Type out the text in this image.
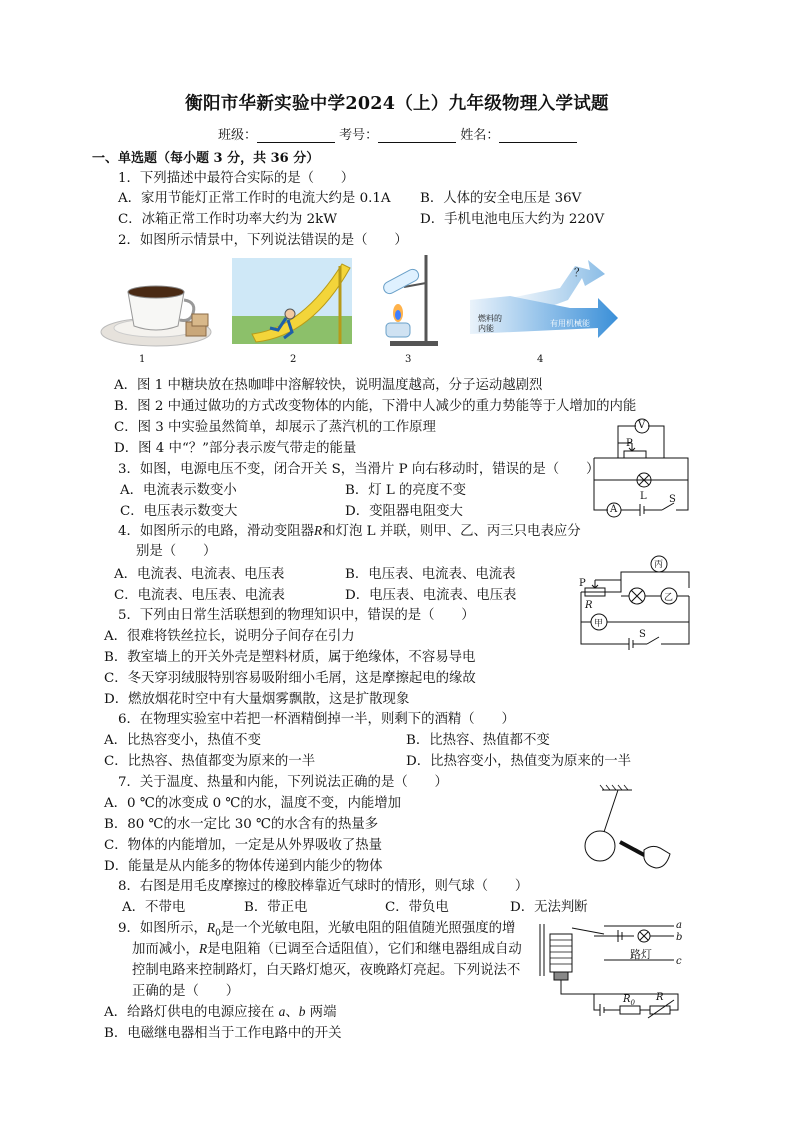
衡阳市华新实验中学2024（上）九年级物理入学试题
班级：	考号：	姓名：
一、单选题（每小题 3 分，共 36 分）
1．下列描述中最符合实际的是（　　）
A．家用节能灯正常工作时的电流大约是 0.1A B．人体的安全电压是 36V
C．冰箱正常工作时功率大约为 2kW	D．手机电池电压大约为 220V
2．如图所示情景中，下列说法错误的是（　　）
？
燃料的
内能
有用机械能
1	2	3	4
A．图 1 中糖块放在热咖啡中溶解较快，说明温度越高，分子运动越剧烈
B．图 2 中通过做功的方式改变物体的内能，下滑中人减少的重力势能等于人增加的内能
C．图 3 中实验虽然简单，却展示了蒸汽机的工作原理
D．图 4 中“？”部分表示废气带走的能量
3．如图，电源电压不变，闭合开关 S，当滑片 P 向右移动时，错误的是（　　）
A．电流表示数变小	B．灯 L 的亮度不变
C．电压表示数变大	D．变阻器电阻变大
V
P
L S
A
4．如图所示的电路，滑动变阻器R和灯泡 L 并联，则甲、乙、丙三只电表应分
别是（　　）
A．电流表、电流表、电压表	B．电压表、电流表、电流表
C．电流表、电压表、电流表	D．电压表、电流表、电压表
丙
P
R
乙
甲
S
5．下列由日常生活联想到的物理知识中，错误的是（　　）
A．很难将铁丝拉长，说明分子间存在引力
B．教室墙上的开关外壳是塑料材质，属于绝缘体，不容易导电
C．冬天穿羽绒服特别容易吸附细小毛屑，这是摩擦起电的缘故
D．燃放烟花时空中有大量烟雾飘散，这是扩散现象
6．在物理实验室中若把一杯酒精倒掉一半，则剩下的酒精（　　）
A．比热容变小，热值不变	B．比热容、热值都不变
C．比热容、热值都变为原来的一半	D．比热容变小，热值变为原来的一半
7．关于温度、热量和内能，下列说法正确的是（　　）
A．0 ℃的冰变成 0 ℃的水，温度不变，内能增加
B．80 ℃的水一定比 30 ℃的水含有的热量多
C．物体的内能增加，一定是从外界吸收了热量
D．能量是从内能多的物体传递到内能少的物体
8．右图是用毛皮摩擦过的橡胶棒靠近气球时的情形，则气球（　　）
A．不带电	B．带正电	C．带负电	D．无法判断
9．如图所示，$R_0$是一个光敏电阻，光敏电阻的阻值随光照强度的增
加而减小，R是电阻箱（已调至合适阻值），它们和继电器组成自动
控制电路来控制路灯，白天路灯熄灭，夜晚路灯亮起。下列说法不
正确的是（　　）
A．给路灯供电的电源应接在 a、b 两端
B．电磁继电器相当于工作电路中的开关
a
b
c
路灯
$R_0$ R
